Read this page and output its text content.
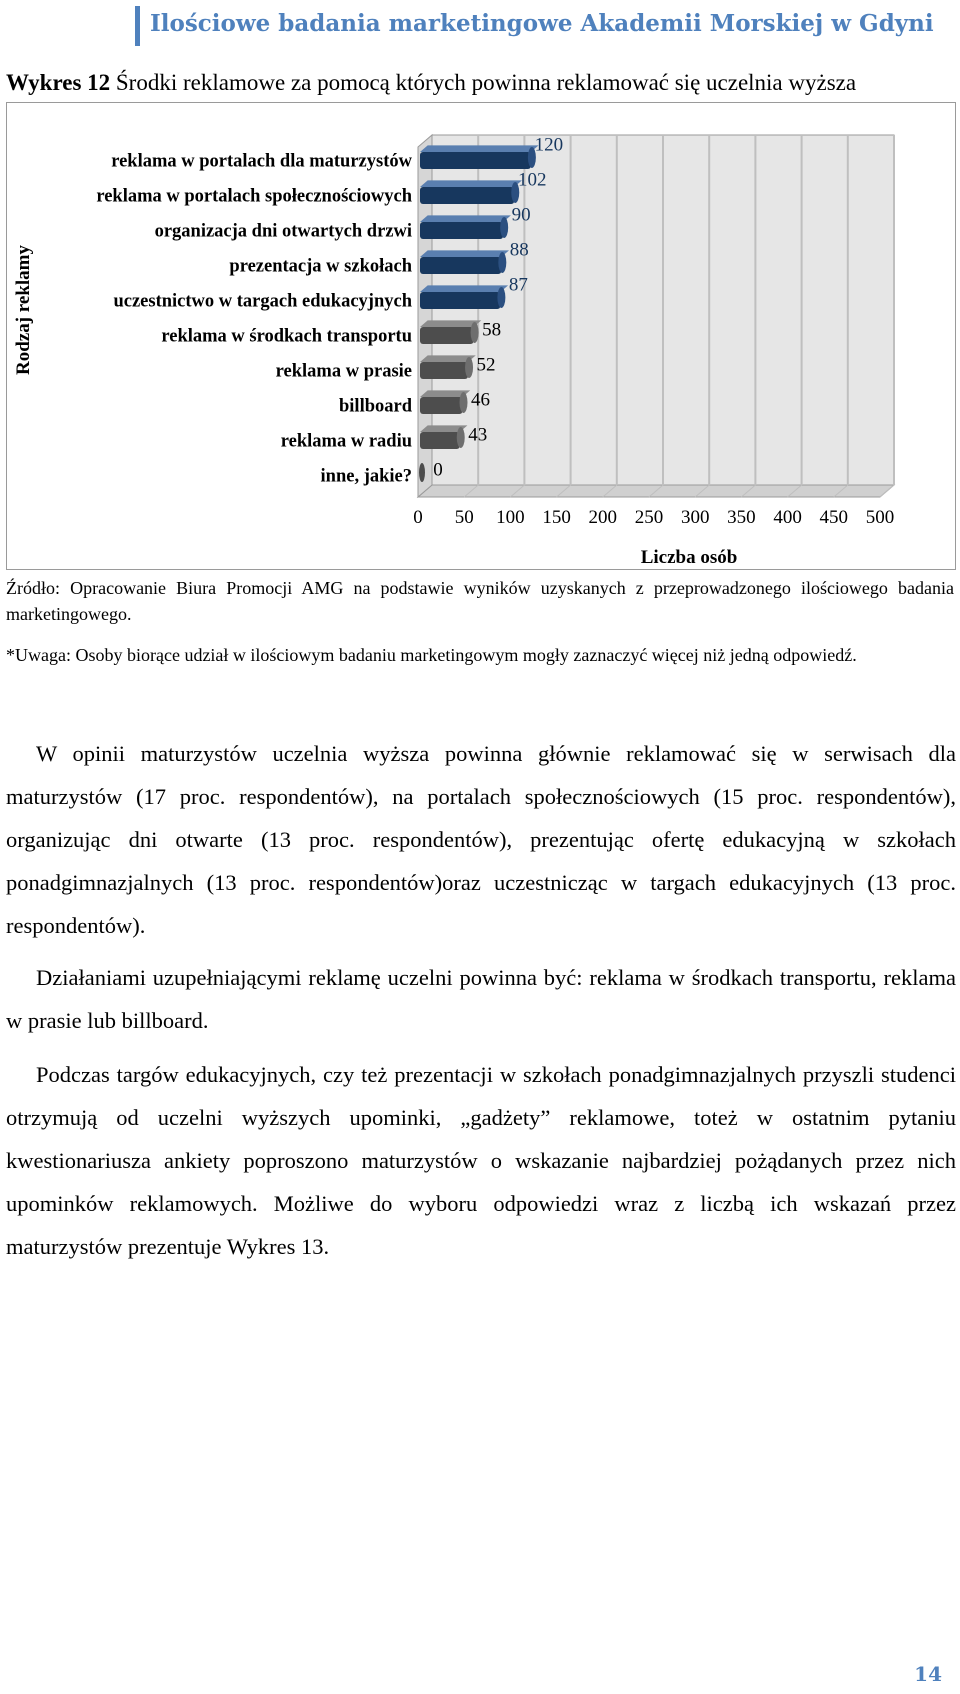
Ilościowe badania marketingowe Akademii Morskiej w Gdyni
Wykres 12 Środki reklamowe za pomocą których powinna reklamować się uczelnia wyższa
0 50 100 150 200 250 300 350 400 450 500
Liczba osób
Rodzaj reklamy
reklama w portalach dla maturzystów
120
reklama w portalach społecznościowych
102
organizacja dni otwartych drzwi
90
prezentacja w szkołach
88
uczestnictwo w targach edukacyjnych
87
reklama w środkach transportu	58
reklama w prasie	52
billboard	46
reklama w radiu	43
inne, jakie? 0
Źródło: Opracowanie Biura Promocji AMG na podstawie wyników uzyskanych z przeprowadzonego ilościowego badania marketingowego.
*Uwaga: Osoby biorące udział w ilościowym badaniu marketingowym mogły zaznaczyć więcej niż jedną odpowiedź.

W opinii maturzystów uczelnia wyższa powinna głównie reklamować się w serwisach dla maturzystów (17 proc. respondentów), na portalach społecznościowych (15 proc. respondentów), organizując dni otwarte (13 proc. respondentów), prezentując ofertę edukacyjną w szkołach ponadgimnazjalnych (13 proc. respondentów)oraz uczestnicząc w targach edukacyjnych (13 proc. respondentów).

Działaniami uzupełniającymi reklamę uczelni powinna być: reklama w środkach transportu, reklama w prasie lub billboard.

Podczas targów edukacyjnych, czy też prezentacji w szkołach ponadgimnazjalnych przyszli studenci otrzymują od uczelni wyższych upominki, „gadżety” reklamowe, toteż w ostatnim pytaniu kwestionariusza ankiety poproszono maturzystów o wskazanie najbardziej pożądanych przez nich upominków reklamowych. Możliwe do wyboru odpowiedzi wraz z liczbą ich wskazań przez maturzystów prezentuje Wykres 13.

14
